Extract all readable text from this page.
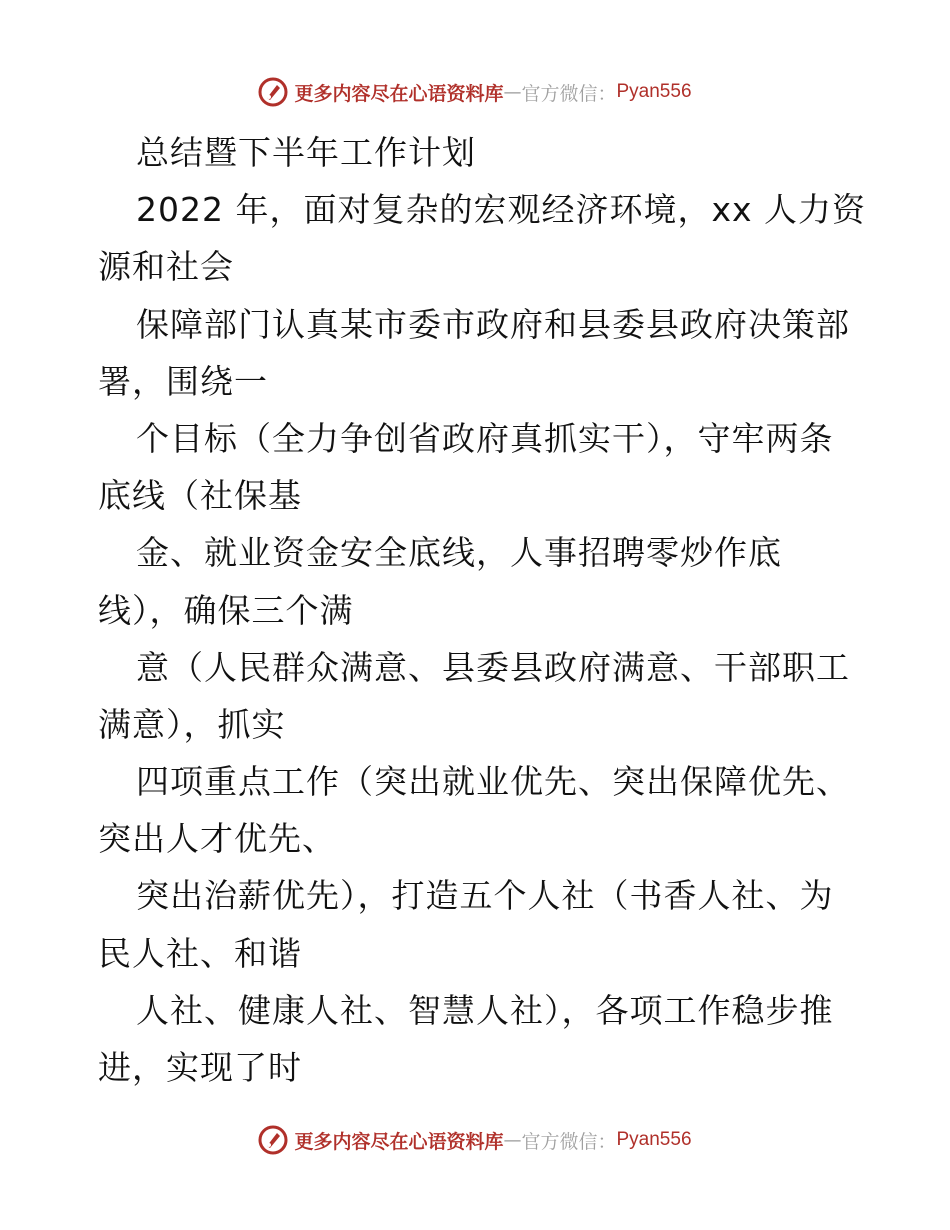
更多内容尽在心语资料库 — 官方微信： Pyan556
总结暨下半年工作计划
2022 年，面对复杂的宏观经济环境，xx 人力资
源和社会
保障部门认真某市委市政府和县委县政府决策部
署，围绕一
个目标（全力争创省政府真抓实干），守牢两条
底线（社保基
金、就业资金安全底线，人事招聘零炒作底
线），确保三个满
意（人民群众满意、县委县政府满意、干部职工
满意），抓实
四项重点工作（突出就业优先、突出保障优先、
突出人才优先、
突出治薪优先），打造五个人社（书香人社、为
民人社、和谐
人社、健康人社、智慧人社），各项工作稳步推
进，实现了时
更多内容尽在心语资料库 — 官方微信： Pyan556
